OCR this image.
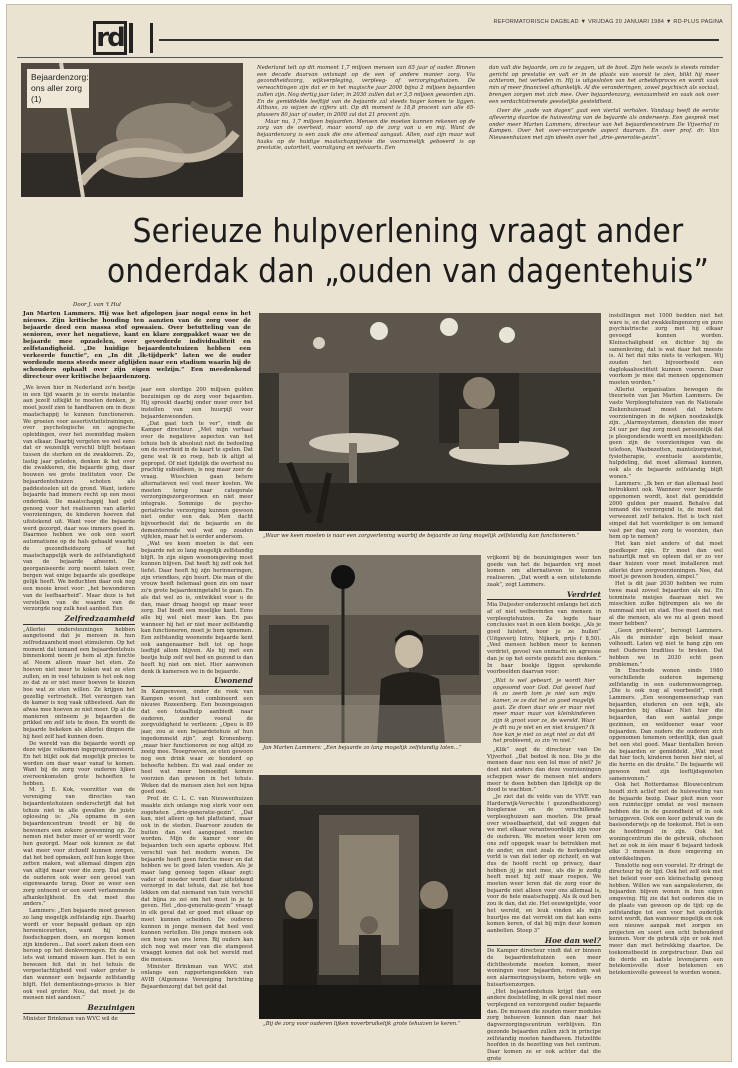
rd
REFORMATORISCH DAGBLAD ▼ VRIJDAG 20 JANUARI 1984 ▼ RD-PLUS PAGINA
Bejaardenzorg: ons aller zorg (1)

Nederland telt op dit moment 1,7 miljoen mensen van 65 jaar of ouder. Binnen een decade daarvan ontsnapt op de een of andere manier zorg. Via gezondheidszorg, wijkverpleging, verpleeg- of verzorgingshuizen. De verwachtingen zijn dat er in het magische jaar 2000 bijna 2 miljoen bejaarden zullen zijn. Nog dertig jaar later, in 2030 zullen dat er 3,5 miljoen geworden zijn. En de gemiddelde leeftijd van de bejaarde zal steeds hoger komen te liggen. Althans, zo wijzen de cijfers uit. Op dit moment is 18,8 procent van alle 65-plussers 80 jaar of ouder, in 2000 zal dat 21 procent zijn.

Maar nu, 1,7 miljoen bejaarden. Mensen die moeten kunnen rekenen op de zorg van de overheid, maar vooral op de zorg van u en mij. Want de bejaardenzorg is een zaak die ons allemaal aangaat. Allen, oud zijn maar wat haaks op de huidige maatschappijvisie die voornamelijk geboeerd is op prestatie, autoriteit, vooruitgang en welvaarts. Een

dan valt die bejaarde, om zo te zeggen, uit de boot. Zijn hele vezels is steeds minder gericht op prestatie en valt er in de plaats van vooruit te zien, blikt hij meer achterom, het verleden in. Hij is uitgesloten van het arbeidsproces en wordt vaak min of meer financieel afhankelijk. Al die veranderingen, zowel psychisch als sociaal, brengen zorgen met zich mee. Over bejaardenzorg, eenzaamheid en vaak ook over een verdachtstreende geestelijke gesteldheid.

Over die „oude van dagen” gaat een viertal verhalen. Vandaag heeft de eerste aflevering daartoe de huisvesting van de bejaarde als onderwerp. Een gesprek met onder meer Marten Lammers, directeur van het bejaardencentrum De Vijverhof in Kampen. Over het over-verzorgende aspect daarvan. En over prof. dr. Van Nieuwenhuizen met zijn ideeën over het „drie-generatie-gezin”.

Serieuze hulpverlening vraagt ander onderdak dan „ouden van dagentehuis”
Door J. van 't Hul
Jan Marten Lammers. Hij was het afgelopen jaar nogal eens in het nieuws. Zijn kritische houding ten aanzien van de zorg voor de bejaarde deed een massa stof opwaaien. Over betutteling van de senioren, over het negatieve, kant en klare zorgpakket waar we de bejaarde mee opzadelen, over gevorderde individualiteit en zelfstandigheid. „De huidige bejaardentehuizen hebben een verkeerde functie”, en „In dit ,lk-tijdperk” laten we de ouder wordende mens steeds meer afglijden naar een stadium waarin hij de schouders ophaalt over zijn eigen welzijn.” Een meedenkend directeur over kritische bejaardenzorg.

„We leven hier in Nederland zo'n beetje in een tijd waarin je in eerste instantie aan jezelf uitkijkt te moeten denken, je moet jezelf zien te handhaven om in deze maatschappij te kunnen functioneren. We groeien voor assertiviteitstrainingen, over psychologische en agogische opleidingen, over het zeemiddag maken van elkaar. Daarbij vergeten we wel eens dat er wezenlijk verschil blijft bestaan tussen de sterken en de zwakkeren. Zo, lastig jaar geleden, denken ik het over die zwakkeren, die bejaarde ging, daar bouwen we grote instituten voor. De bejaardentehuizen schoten als paddestoelen uit de grond. Want, iedere bejaarde had immers recht op een mooi onderdak. De maatschappij had geld genoeg voor het realiseren van allerlei voorzieningen, de kinderen hoeven dat uitstekend uit. Want voor die bejaarde werd gezorgd, daar was immers goed in. Daarmee hebben we ook een soort automatisme op de hals gehaald waarbij de gezondheidszorg of het maatschappelijk werk de zelfstandigheid van de bejaarde afneemt. De georganiseerde zorg neemt taken over, bergen wat enige bejaarde als goedkope gelijk heeft. We beduchten daar ook nog een mooie kreet voor: „het bewonderen van de leefbaarheid”. Maar deze is het verstellen van de waarde van de verzorgde nog zulk heel aanbod. Een

Zelfredzaamheid

„Allerlei ondersteuningen hebben aangetoond dat je mensen in hun zelfredzaamheid moet stimuleren. Op het moment dat iemand een bejaardentehuis binnenkomt neem je hem al zijn functie af. Neem alleen maar het eten. Ze hoeven niet meer te koken wat ze eten zullen, en in veel tehuizen is het ook nog zo dat ze er niet meer hoeven te kiezen hoe wat ze eten willen. Ze krijgen het gezellig vertroetelt. Het verzorgen van de kamer is nog vaak uitbesteed. Aan de afwas mee hoeven ze niet meer. Op al die manieren ontneem je bejaarden de prikkel om zelf iets te doen. En wordt de bejaarde bekeken als allerlei dingen die hij heel zelf had kunnen doen.

De wereld van die bejaarde wordt op deze wijze volkomen ingeprogrammeerd. En het blijkt ook dat mogelijk precies te worden om daar waar vanaf te komen. Want bij de zorg voor ouderen lijken overeenkomsten grote behoeften te hebben.

M. J. E. Kok, voorzitter van de vereniging van directies van bejaardentehuizen onderschrijft dat het tehuis niet in alle gevallen de juiste oplossing is: „Na opname in een bejaardencentrum treedt er bij de bewoners een zekere gewenning op. Ze nemen niet beter meer of er wordt voor hen gezorgd. Maar ook kunnen ze dat wat meer voor zichzelf kunnen zorgen, dat het bed opmaken, zelf hun kopje thee zetten maken, wat allemaal dingen zijn van altijd maar voor die zorg. Dat geeft de ouderen ook weer een gevoel van eigenwaarde terug. Door ze weer een zorg ontnemt er een soort verlammende afhankelijkheid. En dat moet dus anders.”

Lammers: „Een bejaarde moet gewoon zo lang mogelijk zelfstandig zijn. Daarbij wordt er voor bepaald gedaan op zijn hereeniceurtien, want hij moet foodschappen doen, en morgen komen zijn kinderen... Dat soort zaken doen een beroep op het denkvermogen. En dat is iets wat iemand missen kan. Het is een bewezen feit dat in het tehuis de vergeetachtigheid veel vaker groter is dan wanneer een bejaarde zelfstandig blijft. Het dementiezings-proces is hier ook veel groter. Nou, dat moet je de mensen niet aandoen.”

Bezuinigen

Minister Brinkman van WVC wil de

jaar een slordige 200 miljoen gulden bezuinigen op de zorg voor bejaarden. Hij spreekt daarbij onder meer over het instellen van een huurpijl voor bejaardenwoonden.

„Dat gaat toch te ver”, vindt de Kamper directeur. „Met mijn verhaal over de negatieve aspecten van het tehuis heb ik absoluut niet de bedoeling om de overheid in de kaart te spelen. Dat gene wat ik zo roep, heb ik altijd al gepropst. Of niet tijdelijk die overheid nu prachtig subsidieen, is nog maar zoer de vraag. Wisschien gaan betere alternatieven wel veel meer kosten. We moeten terug naar categorale verzorgingszorgsvormen en niet meer integrale. Sommige de psycho-geriatrische verzorging kunnen gewoon niet onder een dak. Men dacht bijvoorbeeld dat de bejaarde en de dementerende wel wat op zouden vijfelen, maar het is eerder andersom.

„Wat we keen moeten is dat een bejaarde net zo lang mogelijk zelfstandig blijft. In zijn eigen woonomgeving moet kunnen blijven. Dat heeft hij zelf ook het liefst. Daar heeft hij zijn herinneringen, zijn vriendkes, zijn buurt. Die man of die vrouw heeft helemaal geen zin om naar zo'n grote bejaardeningetafel te gaan. En als dat wel zo is, ontwikkel voor u de dan, maar draag hoogst op maar weer zorg. Dat biedt een moelijke kant. Eens alle bij wel niet meer kan. En pas wanneer hij het er niet meer zelfstandig kan functioneren, moet je hem opnemen. Een zelfstandig woonende bejaarde kent ook aangenaamer belt tot op hoge leeftijd allom blijven. Als hij met een beetje hulp zelf wel bed en gezond is dan heeft hij niet om niet. Hier aanwonen denk ik kamersen we in de bejaarde.

Uwonend

In Kampenveen, onder de rook van Kampen woont het combineerd een nieuwe Rozeenberg. Een bozengezagen dat een totaalhulp aanbiedt naar ouderen, zonder vooral de zorgvuldigheid te verliezen: „Opeu is 89 jaar, zou ai een bejaardetehuis af hun ingedommeld zijn”, zegt Kronenberg. „maar hier functioneren ze nog altijd zo zeeig mee. Teoegroeven, ze eten gewoon nog een drink waar ze honderd op behoefte hebben. En wat zaal onder ze heel wat meer bemoedigt komen voorzien dan gewoon in het tehuis. Weken dat de mensen zien het een bijna goed oud.

Prof. dr. C. L. C. van Nieuwenhuizen maakte zich onlangs nog sterk voor een zogeheten „drie-generatie-gezin”. „Dat kan, niet alleen op het platteland, maar ook in de steden. Daarvoor zouden de buiten dan wel aangepast moeten worden. Mijn de kamer voor de bejaarden toch een aparte opbouw. Het verschil van het modern wonen. De bejaarde heeft geen functie meer en dat hebben we te goed laten voeden. Als je maar lang genoeg tegen elkaar zegt: vader of moeder wordt daar uitstekend verzorgd in dat tehuis, dat zie het hoe lekken om dat niemand van tuin verschil dat bijna zo zei om het moet in je te geven. Het „doo-generatie-gezin” vraagt in elk geval dat er goed met elkaar op moet kunnen scheiden. De ouderen kunnen in jonge mensen dat heel veel kunnen vertellen. Die jonge mensen ook een hoop van ons leren. Bij ouders kan zich nog wat meer van die stamgeest vraaggt komen dat ook het wereld met die mensen.

Minister Brinkman van WVC ziet onlangs een rapportengsnokken van AVIB (Algemene Vereniging Inrichting Bejaardenzorg) dat het geld dat

„Waar we keen moeten is naar een zorgverlening waarbij de bejaarde zo lang mogelijk zelfstandig kan functioneren.”
Jan Marten Lammers: „Een bejaarde zo lang mogelijk zelfstandig laten...”
„Bij de zorg voor ouderen lijken noverbruikelijk grote tehuizen te keren.”

vrijkomt bij de bezuinigingen weer ten goede van het de bejaarden vrij moet komen om alternatieven te kunnen realiseren. „Dat wordt a een uitstekende zaak”, zegt Lammers.

Verdriet

Mia Duijester onderzocht onlangs het zich af of niet welbevinden van mensen in verpleegtehuizen. Ze legde haar conclusies vast in een klein boekje. „Als je goed luistert, hoor je ze huilen” (Uitgeverij Intro, Nijkerk, prijs f 8,50). „Veel mensen hebben meer te kennen verdriet, gevoel van onmacht en agressie dan je op het eerste gezicht zou denken.” In haar boekje liggen sprekende voorbeelden daarvan voor:

„Wat is wel gebeurt, je wordt hier opgesomd voor God. Dat gevoel had ik zo zeerb tom je niet van mijn kamer, ze ze dat het zo goed mogelijk gaat. Ze doen daar wie er maar niet meer maar maar van kleinkinderen zijn ik groot voor ze, de wereld. Waar je dit nu je niet en en niet kruigen? Ik hoe kan je niet zo zegt niet zo dat dit het probleemt, zo zin 'm niet.”

„Klik” zegt de directeur van De Vijverhof. „Dat bedoel ik nou. Die je die mensen daar nou een lol mee of niet? Je doet niet anders dan deze voorzieningen scheppen waar de mensen niet anders meer te doen hebben dan lijdelijk op de dood te wachten.”

„Je ziet dat de velde van de VIVE van Harderwijk-Verwchte ( gezondheidszorg) hooglerase en de verschillende verpleeghuizen aan moeten. Die praat over wisselbaarheid, dat wil zeggen dat we met elkaar verantwoordelijk zijn voor de ouderen. We moeten weer leren om ons zelf opgegek waar te betrekken met de ander, en niet zoals de herkenbeige vorld is van dat ieder op zichzelf, en wat dus de hoofd recht op privacy, daar hebben jij je niet mee, als die je zodig heeft moet hij zelf maar roepen. We moeten weer leren dat de zorg voor de bejaarde niet alleen voor ons allemaal is, voor de hele maatschappij. Als ik oud ben zou ik dan, dat zie. Het eeuwigetijde, voor het wereld, en leuk vinden als mijn buurtjes me dat verrekt om dat kan eens komen keren, of dat bij mijn deur komen aanbellen. Stoep 3”

Hoe dan wel?

De Kamper directeur vindt dat er binnen de bejaardentehuizen een meer dichtbestemde moeten komen, meer woningen voor bejaarden, rondom wat een alarmeringssysteem, betere wijk- en huisartsenzorgen.

„Het bejaardentehuis krijgt dan een andere doelstelling, in elk geval niet meer verplegend en verzorgend ouder bejaarde dan. De mensen die zouden meer modules zorg behoeven kunnen dan naar het dagverzorgingscentrum verblijven. Ein gezonde bejaarden zullen zich in principe zelfstandig moeten handhaven. Hetzelfde hoofden in de bezetting van het centrum. Daar komen ze er ook achter dat die grote

instellingen met 1000 bedden niet het ware is, en dat zwakkelingenzorg en pure psychiatrische zorg met hij elkaar gevoegd kunnen worden. Kleinschaligheid en dichter bij de samenleving, dat is wat daar het meeste is. Al het dat niks niets te verkopen. Wij zouden het bijvoorbeeld een daglokaalsociëteit kunnen voeren. Daar voorkom je mee dat mensen opgenomen moeten worden.”

Allerlei organisaties bewogen de theorieën van Jan Marten Lammers. De vaste Verpleegtehuizen van de Nationale Ziekenhuisraad moest dat betere voorzieningen in de wijken noodzakelijk zijn. „Alarmsystemen, diensten die meer 24 uur per dag zorg moet persoonlijk dat je pleegondiende wordt en moeilijkheden: geen zijn de voorzieningen van de telefoon, Wasbezetten, mantelzorgwinst, fysiotherapie, eventuele assistentie, hulpdeling, dat moet allemaal kunnen, ook als de bejaarde zelfstandig blijft wonen.”

Lammers: „Ik ben er dan allemaal heel betrokkent ook. Wanneer voor bejaarde opgenomen wordt, kost dat gemiddeld 2000 gulden per maand. Behalve dat iemand die verzorgend is, de moet dat verwezent zelf betalen. Het is toch niet simpel dat het voordeliger is om iemand vast per dag van zorg te voorzien, dan hem op te nemen?

Het kan niet anders of dat moet goedkoper zijn. Er moet dan wel natuurlijk met en opleen dat er zo ver daar huizen voor moet installeren met allerlei dure zorgvoorzieningen. Nee, dat moet je gewoon houden, simpel.”

Het is dit jaar 2030 hebben we ruim twee maal zoveel bejaarden als nu. En tenminste meisjes daaraan niet we misschien zulke bijtrempen als we de nummaal niet en stad. Hoe moet dat met al die mensen, als we nu al geen moed meer hebben?

„Geen probleem”, beroogt Lammers. „Als de minister zijn beleid maar volhoudt. Laten wij niet te hang zijn om met Ouderen tradities te breken. Dat hebben we in 2030 echt geen problemen.”

In Enschede wonen sinds 1980 verschillende ouderen ingemeng zelfstandig in een ouderenwoongroep. „Die is ook nog al voorbeeld”, vindt Lammers. „Een woongemeenschap van bejaarden, studeren en een wijk, als bejaarden bij elkaar. Niet hier die bejaarden, dan een aantal jonge gezinnen, en weldoener waar voor bejaarden. Dan ouders die ouderen zich opgenomen tenemen ordentlijk, dan gaat het een stel goed. Maar tientallen boven de bejaarden er gemiddeld. „Wat moet dat hier toch, kinderen horen hier niet, al die herrie en die drukte.” De bejaarde wil gewoon met zijn leeftijdsgenoten samenwonen.”

Ook het Rotterdamse Blouwcentrum houdt zich actief met de huisvesting van de bejaarde bezig. Daar pleit men voor een ruimtecijpr omdat ze veel mensen hebben die in de gezondheid of in ook teruggeven. Ook een keer gebruik van de basisonderwijs op de toekomst. Het is een de hoofdregel in zijn. Ook het woningcentrum die de gebruik, ofschoon het ze ook in één maar 6 bejaard tedoek elke 3 mensen in deze omgeving en ontwikkelingen.

Tenslotte nog een voorstel. Er dringt de directeur bij de tijd. Ook het zelf ook met het beleid voor een kleinschalig genoeg hebben. Willen we van aanpalesteren, de bejaarden blijven wonen in hun eigen omgeving. Hij zie dat het ouderen die in de plaats van gewoon op de tijd; op de zelfstandige tot een voor het ouderlijk kerst wordt, dan wanneer mogelijk en ook een nieuwe aanpak met zorgen en projecten en soort een echt behoudend kunnen. Voor de gebruik zijn er ook niet meer dan met betrekking daartoe. De toekomstbeeld in zorgstructuur. Dan zal de derde en laatste levensjaren een betekenisvolle door betekenen en betekenisvolle geweest te worden wonen.
